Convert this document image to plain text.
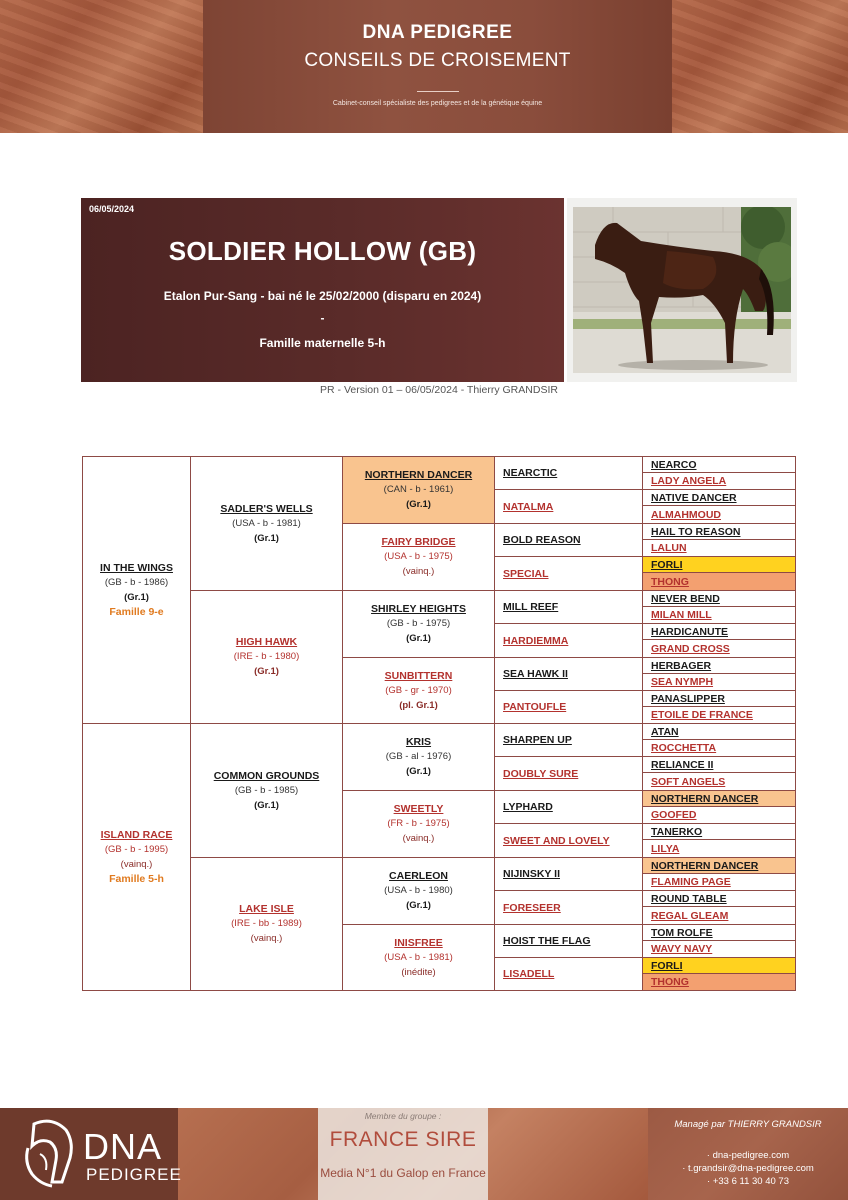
DNA PEDIGREE
CONSEILS DE CROISEMENT
Cabinet-conseil spécialiste des pedigrees et de la génétique équine
06/05/2024
SOLDIER HOLLOW (GB)
Etalon Pur-Sang - bai né le 25/02/2000 (disparu en 2024)
-
Famille maternelle 5-h
PR - Version 01 – 06/05/2024 - Thierry GRANDSIR
IN THE WINGS
(GB - b - 1986)
(Gr.1)
Famille 9-e
ISLAND RACE
(GB - b - 1995)
(vainq.)
Famille 5-h
SADLER'S WELLS
(USA - b - 1981)
(Gr.1)
HIGH HAWK
(IRE - b - 1980)
(Gr.1)
COMMON GROUNDS
(GB - b - 1985)
(Gr.1)
LAKE ISLE
(IRE - bb - 1989)
(vainq.)
NORTHERN DANCER
(CAN - b - 1961)
(Gr.1)
FAIRY BRIDGE
(USA - b - 1975)
(vainq.)
SHIRLEY HEIGHTS
(GB - b - 1975)
(Gr.1)
SUNBITTERN
(GB - gr - 1970)
(pl. Gr.1)
KRIS
(GB - al - 1976)
(Gr.1)
SWEETLY
(FR - b - 1975)
(vainq.)
CAERLEON
(USA - b - 1980)
(Gr.1)
INISFREE
(USA - b - 1981)
(inédite)
NEARCTIC
NATALMA
BOLD REASON
SPECIAL
MILL REEF
HARDIEMMA
SEA HAWK II
PANTOUFLE
SHARPEN UP
DOUBLY SURE
LYPHARD
SWEET AND LOVELY
NIJINSKY II
FORESEER
HOIST THE FLAG
LISADELL
NEARCO
LADY ANGELA
NATIVE DANCER
ALMAHMOUD
HAIL TO REASON
LALUN
FORLI
THONG
NEVER BEND
MILAN MILL
HARDICANUTE
GRAND CROSS
HERBAGER
SEA NYMPH
PANASLIPPER
ETOILE DE FRANCE
ATAN
ROCCHETTA
RELIANCE II
SOFT ANGELS
NORTHERN DANCER
GOOFED
TANERKO
LILYA
NORTHERN DANCER
FLAMING PAGE
ROUND TABLE
REGAL GLEAM
TOM ROLFE
WAVY NAVY
FORLI
THONG
DNA
PEDIGREE
Membre du groupe :
FRANCE SIRE
Media N°1 du Galop en France
Managé par THIERRY GRANDSIR
· dna-pedigree.com
· t.grandsir@dna-pedigree.com
· +33 6 11 30 40 73
